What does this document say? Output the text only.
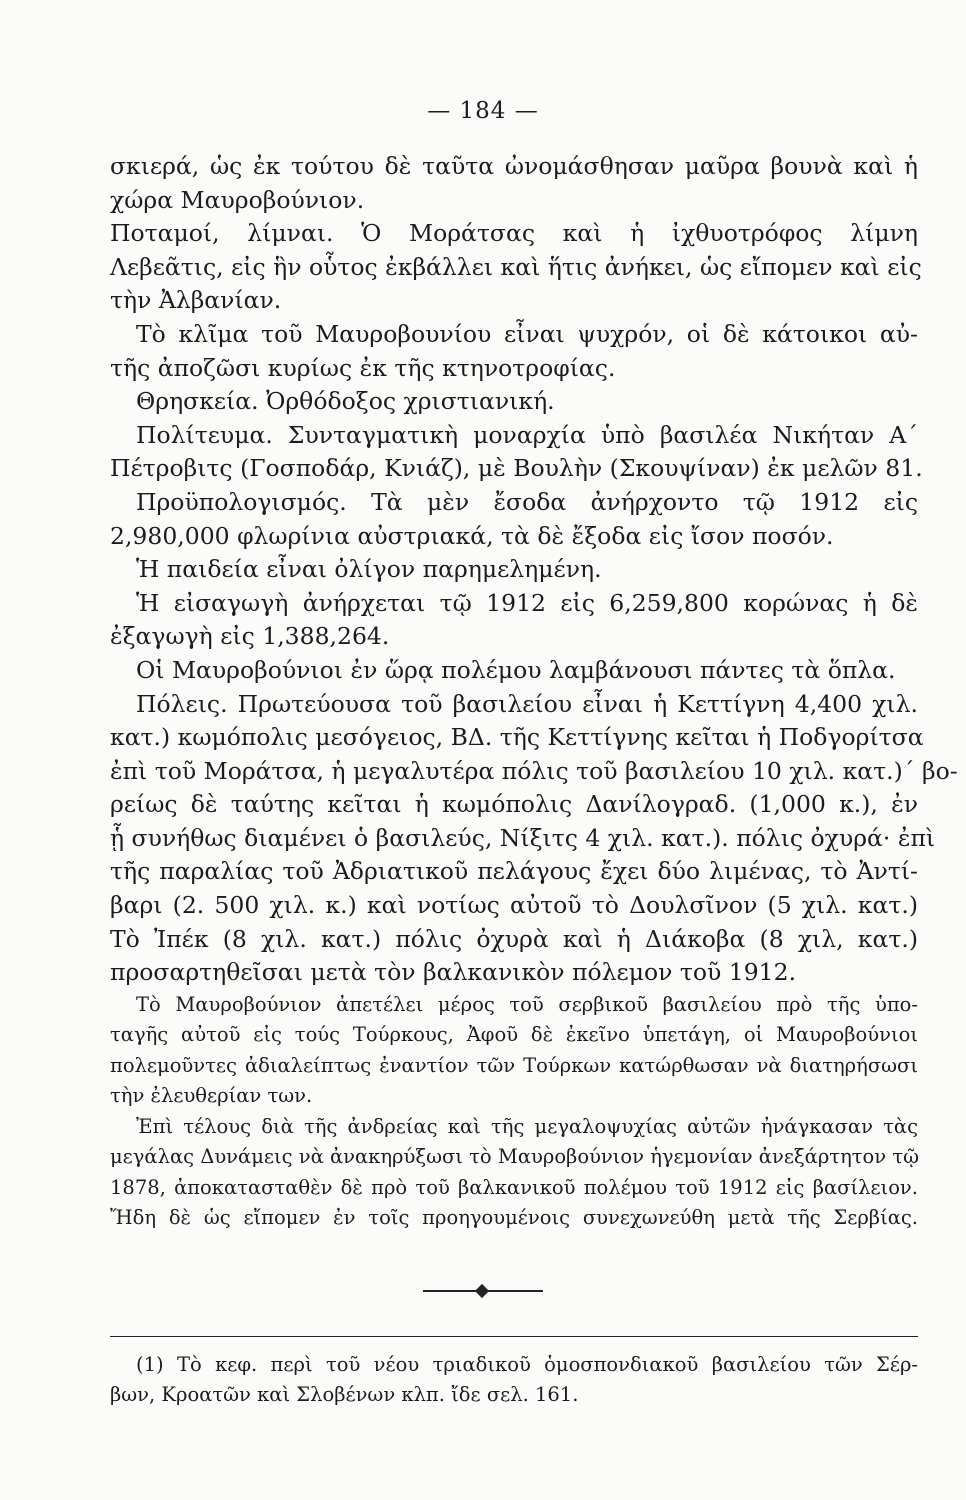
— 184 —
σκιερά, ὡς ἐκ τούτου δὲ ταῦτα ὠνομάσθησαν μαῦρα βουνὰ καὶ ἡ
χώρα Μαυροβούνιον.
Ποταμοί, λίμναι. Ὁ Μοράτσας καὶ ἡ ἰχθυοτρόφος λίμνη
Λεβεᾶτις, εἰς ἣν οὗτος ἐκβάλλει καὶ ἥτις ἀνήκει, ὡς εἴπομεν καὶ εἰς
τὴν Ἀλβανίαν.
Τὸ κλῖμα τοῦ Μαυροβουνίου εἶναι ψυχρόν, οἱ δὲ κάτοικοι αὐ-
τῆς ἀποζῶσι κυρίως ἐκ τῆς κτηνοτροφίας.
Θρησκεία. Ὀρθόδοξος χριστιανική.
Πολίτευμα. Συνταγματικὴ μοναρχία ὑπὸ βασιλέα Νικήταν Α΄
Πέτροβιτς (Γοσποδάρ, Κνιάζ), μὲ Βουλὴν (Σκουψίναν) ἐκ μελῶν 81.
Προϋπολογισμός. Τὰ μὲν ἔσοδα ἀνήρχοντο τῷ 1912 εἰς
2,980,000 φλωρίνια αὐστριακά, τὰ δὲ ἔξοδα εἰς ἴσον ποσόν.
Ἡ παιδεία εἶναι ὀλίγον παρημελημένη.
Ἡ εἰσαγωγὴ ἀνήρχεται τῷ 1912 εἰς 6,259,800 κορώνας ἡ δὲ
ἐξαγωγὴ εἰς 1,388,264.
Οἱ Μαυροβούνιοι ἐν ὥρᾳ πολέμου λαμβάνουσι πάντες τὰ ὅπλα.
Πόλεις. Πρωτεύουσα τοῦ βασιλείου εἶναι ἡ Κεττίγνη 4,400 χιλ.
κατ.) κωμόπολις μεσόγειος, ΒΔ. τῆς Κεττίγνης κεῖται ἡ Ποδγορίτσα
ἐπὶ τοῦ Μοράτσα, ἡ μεγαλυτέρα πόλις τοῦ βασιλείου 10 χιλ. κατ.)΄ βο-
ρείως δὲ ταύτης κεῖται ἡ κωμόπολις Δανίλογραδ. (1,000 κ.), ἐν
ᾗ συνήθως διαμένει ὁ βασιλεύς, Νίξιτς 4 χιλ. κατ.). πόλις ὀχυρά· ἐπὶ
τῆς παραλίας τοῦ Ἀδριατικοῦ πελάγους ἔχει δύο λιμένας, τὸ Ἀντί-
βαρι (2. 500 χιλ. κ.) καὶ νοτίως αὐτοῦ τὸ Δουλσῖνον (5 χιλ. κατ.)
Τὸ Ἰπέκ (8 χιλ. κατ.) πόλις ὀχυρὰ καὶ ἡ Διάκοβα (8 χιλ, κατ.)
προσαρτηθεῖσαι μετὰ τὸν βαλκανικὸν πόλεμον τοῦ 1912.
Τὸ Μαυροβούνιον ἀπετέλει μέρος τοῦ σερβικοῦ βασιλείου πρὸ τῆς ὑπο-
ταγῆς αὐτοῦ εἰς τούς Τούρκους, Ἀφοῦ δὲ ἐκεῖνο ὑπετάγη, οἱ Μαυροβούνιοι
πολεμοῦντες ἀδιαλείπτως ἐναντίον τῶν Τούρκων κατώρθωσαν νὰ διατηρήσωσι
τὴν ἐλευθερίαν των.
Ἐπὶ τέλους διὰ τῆς ἀνδρείας καὶ τῆς μεγαλοψυχίας αὐτῶν ἠνάγκασαν τὰς
μεγάλας Δυνάμεις νὰ ἀνακηρύξωσι τὸ Μαυροβούνιον ἡγεμονίαν ἀνεξάρτητον τῷ
1878, ἀποκατασταθὲν δὲ πρὸ τοῦ βαλκανικοῦ πολέμου τοῦ 1912 εἰς βασίλειον.
Ἤδη δὲ ὡς εἴπομεν ἐν τοῖς προηγουμένοις συνεχωνεύθη μετὰ τῆς Σερβίας.
(1) Τὸ κεφ. περὶ τοῦ νέου τριαδικοῦ ὁμοσπονδιακοῦ βασιλείου τῶν Σέρ-
βων, Κροατῶν καὶ Σλοβένων κλπ. ἴδε σελ. 161.
